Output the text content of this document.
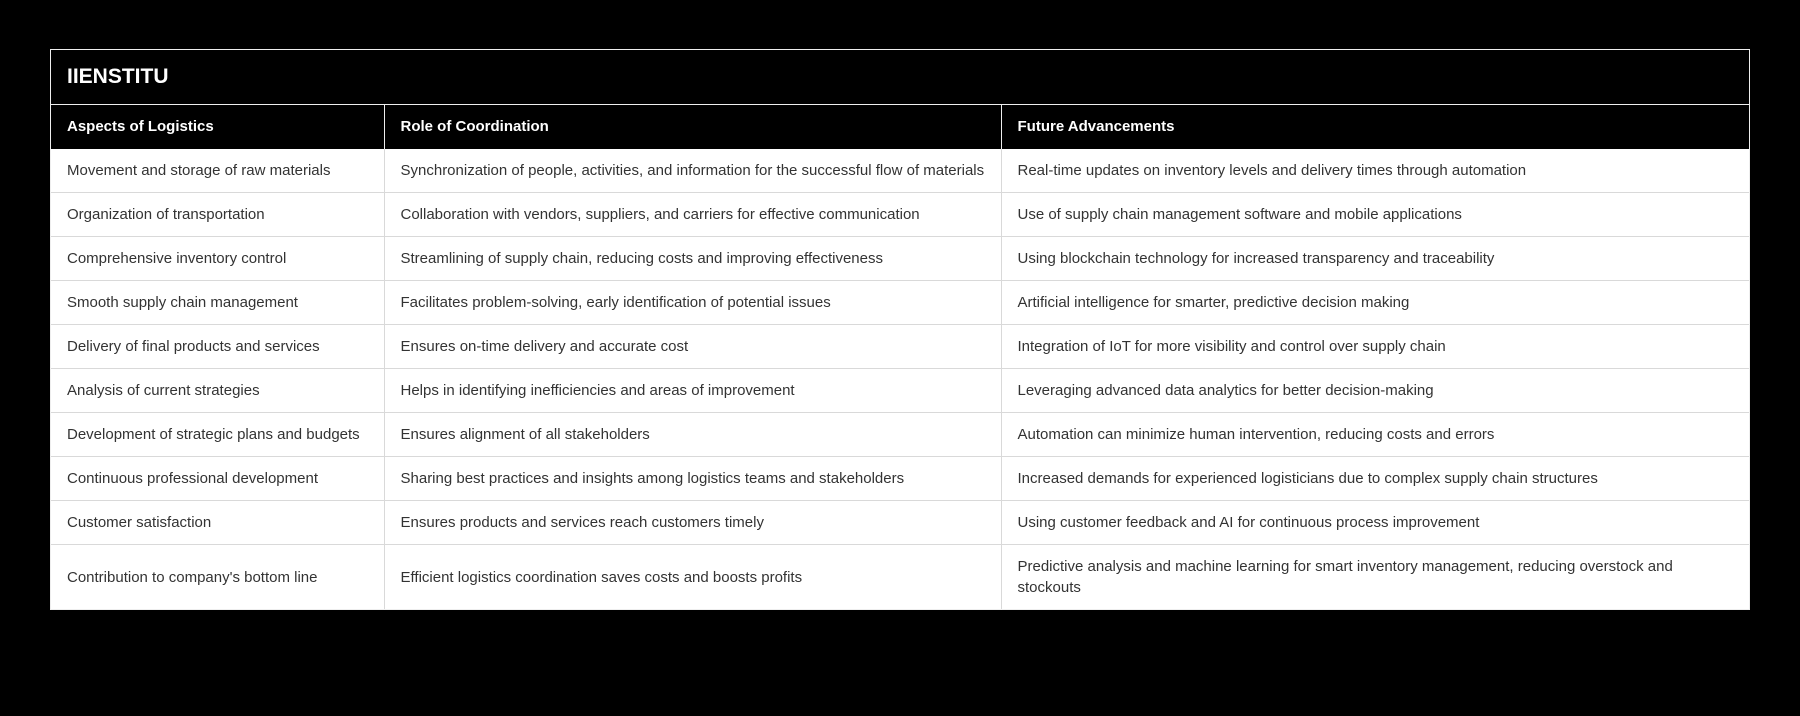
IIENSTITU
Aspects of Logistics	Role of Coordination	Future Advancements
Movement and storage of raw materials	Synchronization of people, activities, and information for the successful flow of materials	Real-time updates on inventory levels and delivery times through automation
Organization of transportation	Collaboration with vendors, suppliers, and carriers for effective communication	Use of supply chain management software and mobile applications
Comprehensive inventory control	Streamlining of supply chain, reducing costs and improving effectiveness	Using blockchain technology for increased transparency and traceability
Smooth supply chain management	Facilitates problem-solving, early identification of potential issues	Artificial intelligence for smarter, predictive decision making
Delivery of final products and services	Ensures on-time delivery and accurate cost	Integration of IoT for more visibility and control over supply chain
Analysis of current strategies	Helps in identifying inefficiencies and areas of improvement	Leveraging advanced data analytics for better decision-making
Development of strategic plans and budgets	Ensures alignment of all stakeholders	Automation can minimize human intervention, reducing costs and errors
Continuous professional development	Sharing best practices and insights among logistics teams and stakeholders	Increased demands for experienced logisticians due to complex supply chain structures
Customer satisfaction	Ensures products and services reach customers timely	Using customer feedback and AI for continuous process improvement
Contribution to company's bottom line	Efficient logistics coordination saves costs and boosts profits	Predictive analysis and machine learning for smart inventory management, reducing overstock and stockouts
